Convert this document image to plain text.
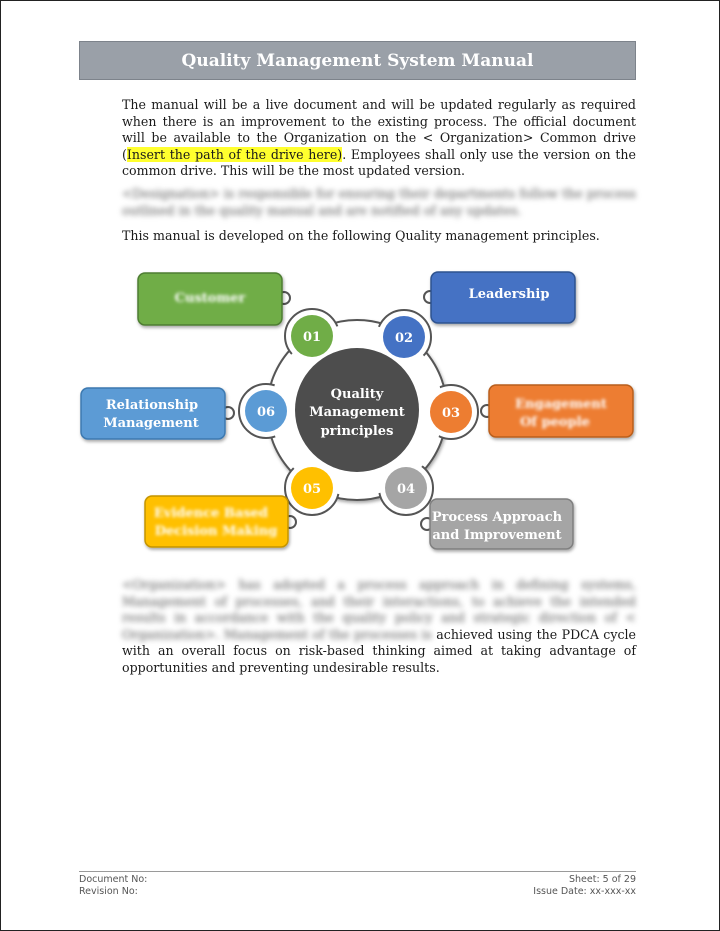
Quality Management System Manual
The manual will be a live document and will be updated regularly as required when there is an improvement to the existing process. The official document will be available to the Organization on the < Organization> Common drive (Insert the path of the drive here). Employees shall only use the version on the common drive. This will be the most updated version.
<Designation> is responsible for ensuring their departments follow the process outlined in the quality manual and are notified of any updates.
This manual is developed on the following Quality management principles.
Quality
Management
principles
01	02
03
04
05
06
Customer	Leadership
Engagement
Of people
Process Approach
and Improvement
Evidence Based
Decision Making
Relationship
Management
<Organization> has adopted a process approach in defining systems, Management of processes, and their interactions, to achieve the intended results in accordance with the quality policy and strategic direction of < Organization>. Management of the processes is achieved using the PDCA cycle with an overall focus on risk-based thinking aimed at taking advantage of opportunities and preventing undesirable results.
Document No:
Revision No:
Sheet: 5 of 29
Issue Date: xx-xxx-xx
